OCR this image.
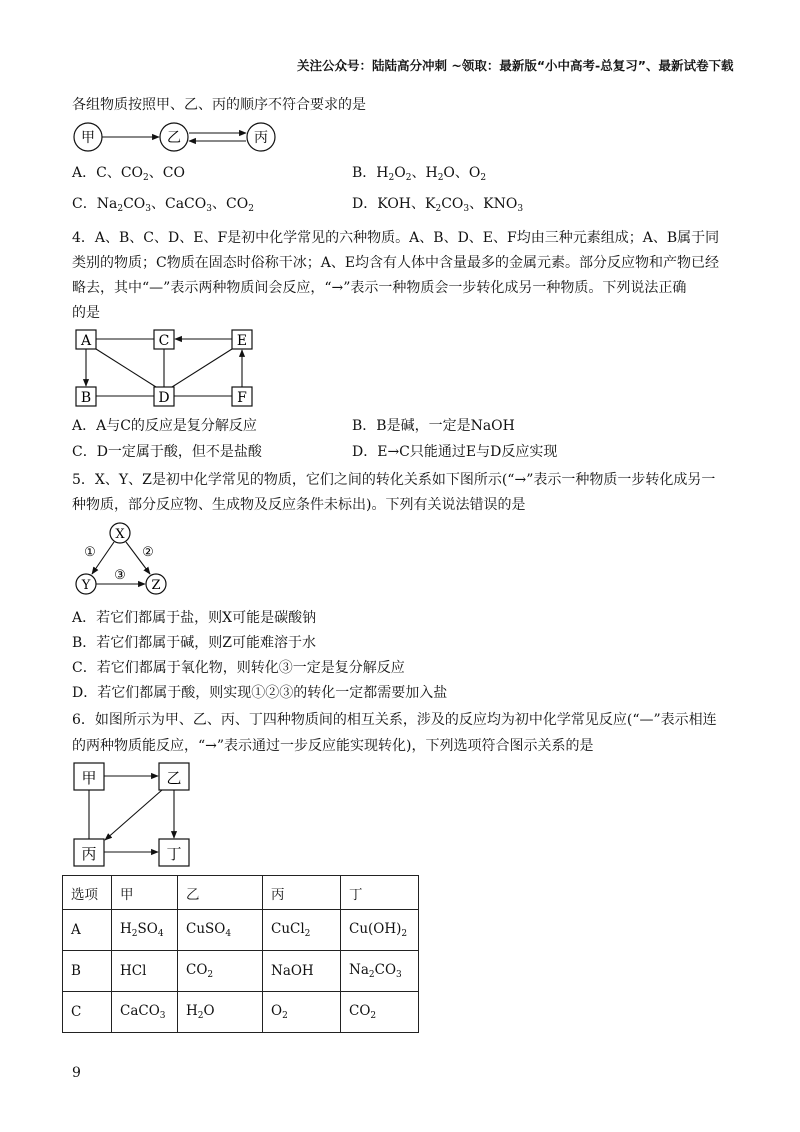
关注公众号：陆陆高分冲刺 ~领取：最新版“小中高考-总复习”、最新试卷下载
各组物质按照甲、乙、丙的顺序不符合要求的是
甲	乙	丙
A．C、$CO_2$、CO	B．$H_2O_2$、$H_2O$、$O_2$
C．$Na_2CO_3$、CaCO$_3$、$CO_2$	D．KOH、$K_2CO_3$、$KNO_3$
4．A、B、C、D、E、F是初中化学常见的六种物质。A、B、D、E、F均由三种元素组成；A、B属于同
类别的物质；C物质在固态时俗称干冰；A、E均含有人体中含量最多的金属元素。部分反应物和产物已经
略去，其中“—”表示两种物质间会反应，“→”表示一种物质会一步转化成另一种物质。下列说法正确
的是
A	C	E
B	D	F
A．A与C的反应是复分解反应	B．B是碱，一定是NaOH
C．D一定属于酸，但不是盐酸	D．E→C只能通过E与D反应实现
5．X、Y、Z是初中化学常见的物质，它们之间的转化关系如下图所示(“→”表示一种物质一步转化成另一
种物质，部分反应物、生成物及反应条件未标出)。下列有关说法错误的是
X
Y	Z
①	②
③
A．若它们都属于盐，则X可能是碳酸钠
B．若它们都属于碱，则Z可能难溶于水
C．若它们都属于氧化物，则转化③一定是复分解反应
D．若它们都属于酸，则实现①②③的转化一定都需要加入盐
6．如图所示为甲、乙、丙、丁四种物质间的相互关系，涉及的反应均为初中化学常见反应(“—”表示相连
的两种物质能反应，“→”表示通过一步反应能实现转化)，下列选项符合图示关系的是
甲	乙
丙	丁
选项	甲	乙	丙	丁
A	$H_2SO_4$	CuSO$_4$	CuCl$_2$	$Cu(OH)_2$
B	HCl	$CO_2$	NaOH	$Na_2CO_3$
C	CaCO$_3$	$H_2O$	$O_2$	$CO_2$
9
